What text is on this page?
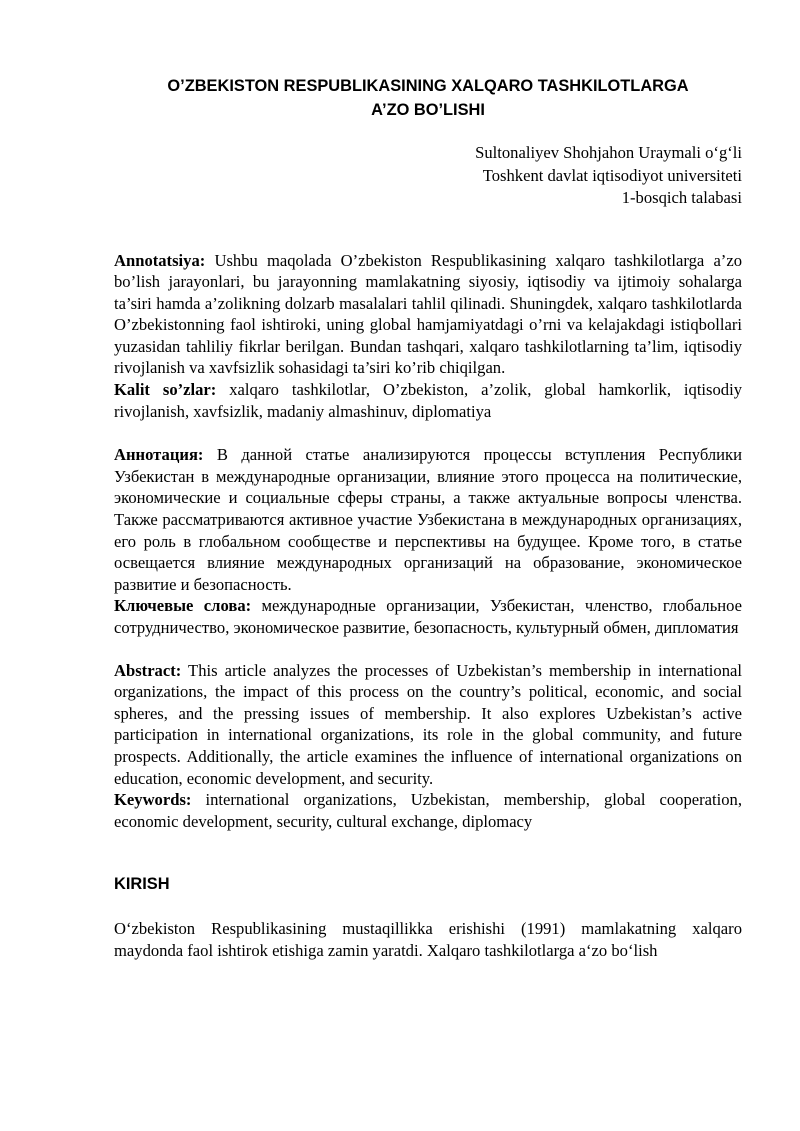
O’ZBEKISTON RESPUBLIKASINING XALQARO TASHKILOTLARGA
A’ZO BO’LISHI
Sultonaliyev Shohjahon Uraymali o‘g‘li
Toshkent davlat iqtisodiyot universiteti
1-bosqich talabasi

Annotatsiya: Ushbu maqolada O’zbekiston Respublikasining xalqaro tashkilotlarga a’zo bo’lish jarayonlari, bu jarayonning mamlakatning siyosiy, iqtisodiy va ijtimoiy sohalarga ta’siri hamda a’zolikning dolzarb masalalari tahlil qilinadi. Shuningdek, xalqaro tashkilotlarda O’zbekistonning faol ishtiroki, uning global hamjamiyatdagi o’rni va kelajakdagi istiqbollari yuzasidan tahliliy fikrlar berilgan. Bundan tashqari, xalqaro tashkilotlarning ta’lim, iqtisodiy rivojlanish va xavfsizlik sohasidagi ta’siri ko’rib chiqilgan.

Kalit so’zlar: xalqaro tashkilotlar, O’zbekiston, a’zolik, global hamkorlik, iqtisodiy rivojlanish, xavfsizlik, madaniy almashinuv, diplomatiya

Аннотация: В данной статье анализируются процессы вступления Республики Узбекистан в международные организации, влияние этого процесса на политические, экономические и социальные сферы страны, а также актуальные вопросы членства. Также рассматриваются активное участие Узбекистана в международных организациях, его роль в глобальном сообществе и перспективы на будущее. Кроме того, в статье освещается влияние международных организаций на образование, экономическое развитие и безопасность.

Ключевые слова: международные организации, Узбекистан, членство, глобальное сотрудничество, экономическое развитие, безопасность, культурный обмен, дипломатия

Abstract: This article analyzes the processes of Uzbekistan’s membership in international organizations, the impact of this process on the country’s political, economic, and social spheres, and the pressing issues of membership. It also explores Uzbekistan’s active participation in international organizations, its role in the global community, and future prospects. Additionally, the article examines the influence of international organizations on education, economic development, and security.

Keywords: international organizations, Uzbekistan, membership, global cooperation, economic development, security, cultural exchange, diplomacy

KIRISH

O‘zbekiston Respublikasining mustaqillikka erishishi (1991) mamlakatning xalqaro maydonda faol ishtirok etishiga zamin yaratdi. Xalqaro tashkilotlarga a‘zo bo‘lish
